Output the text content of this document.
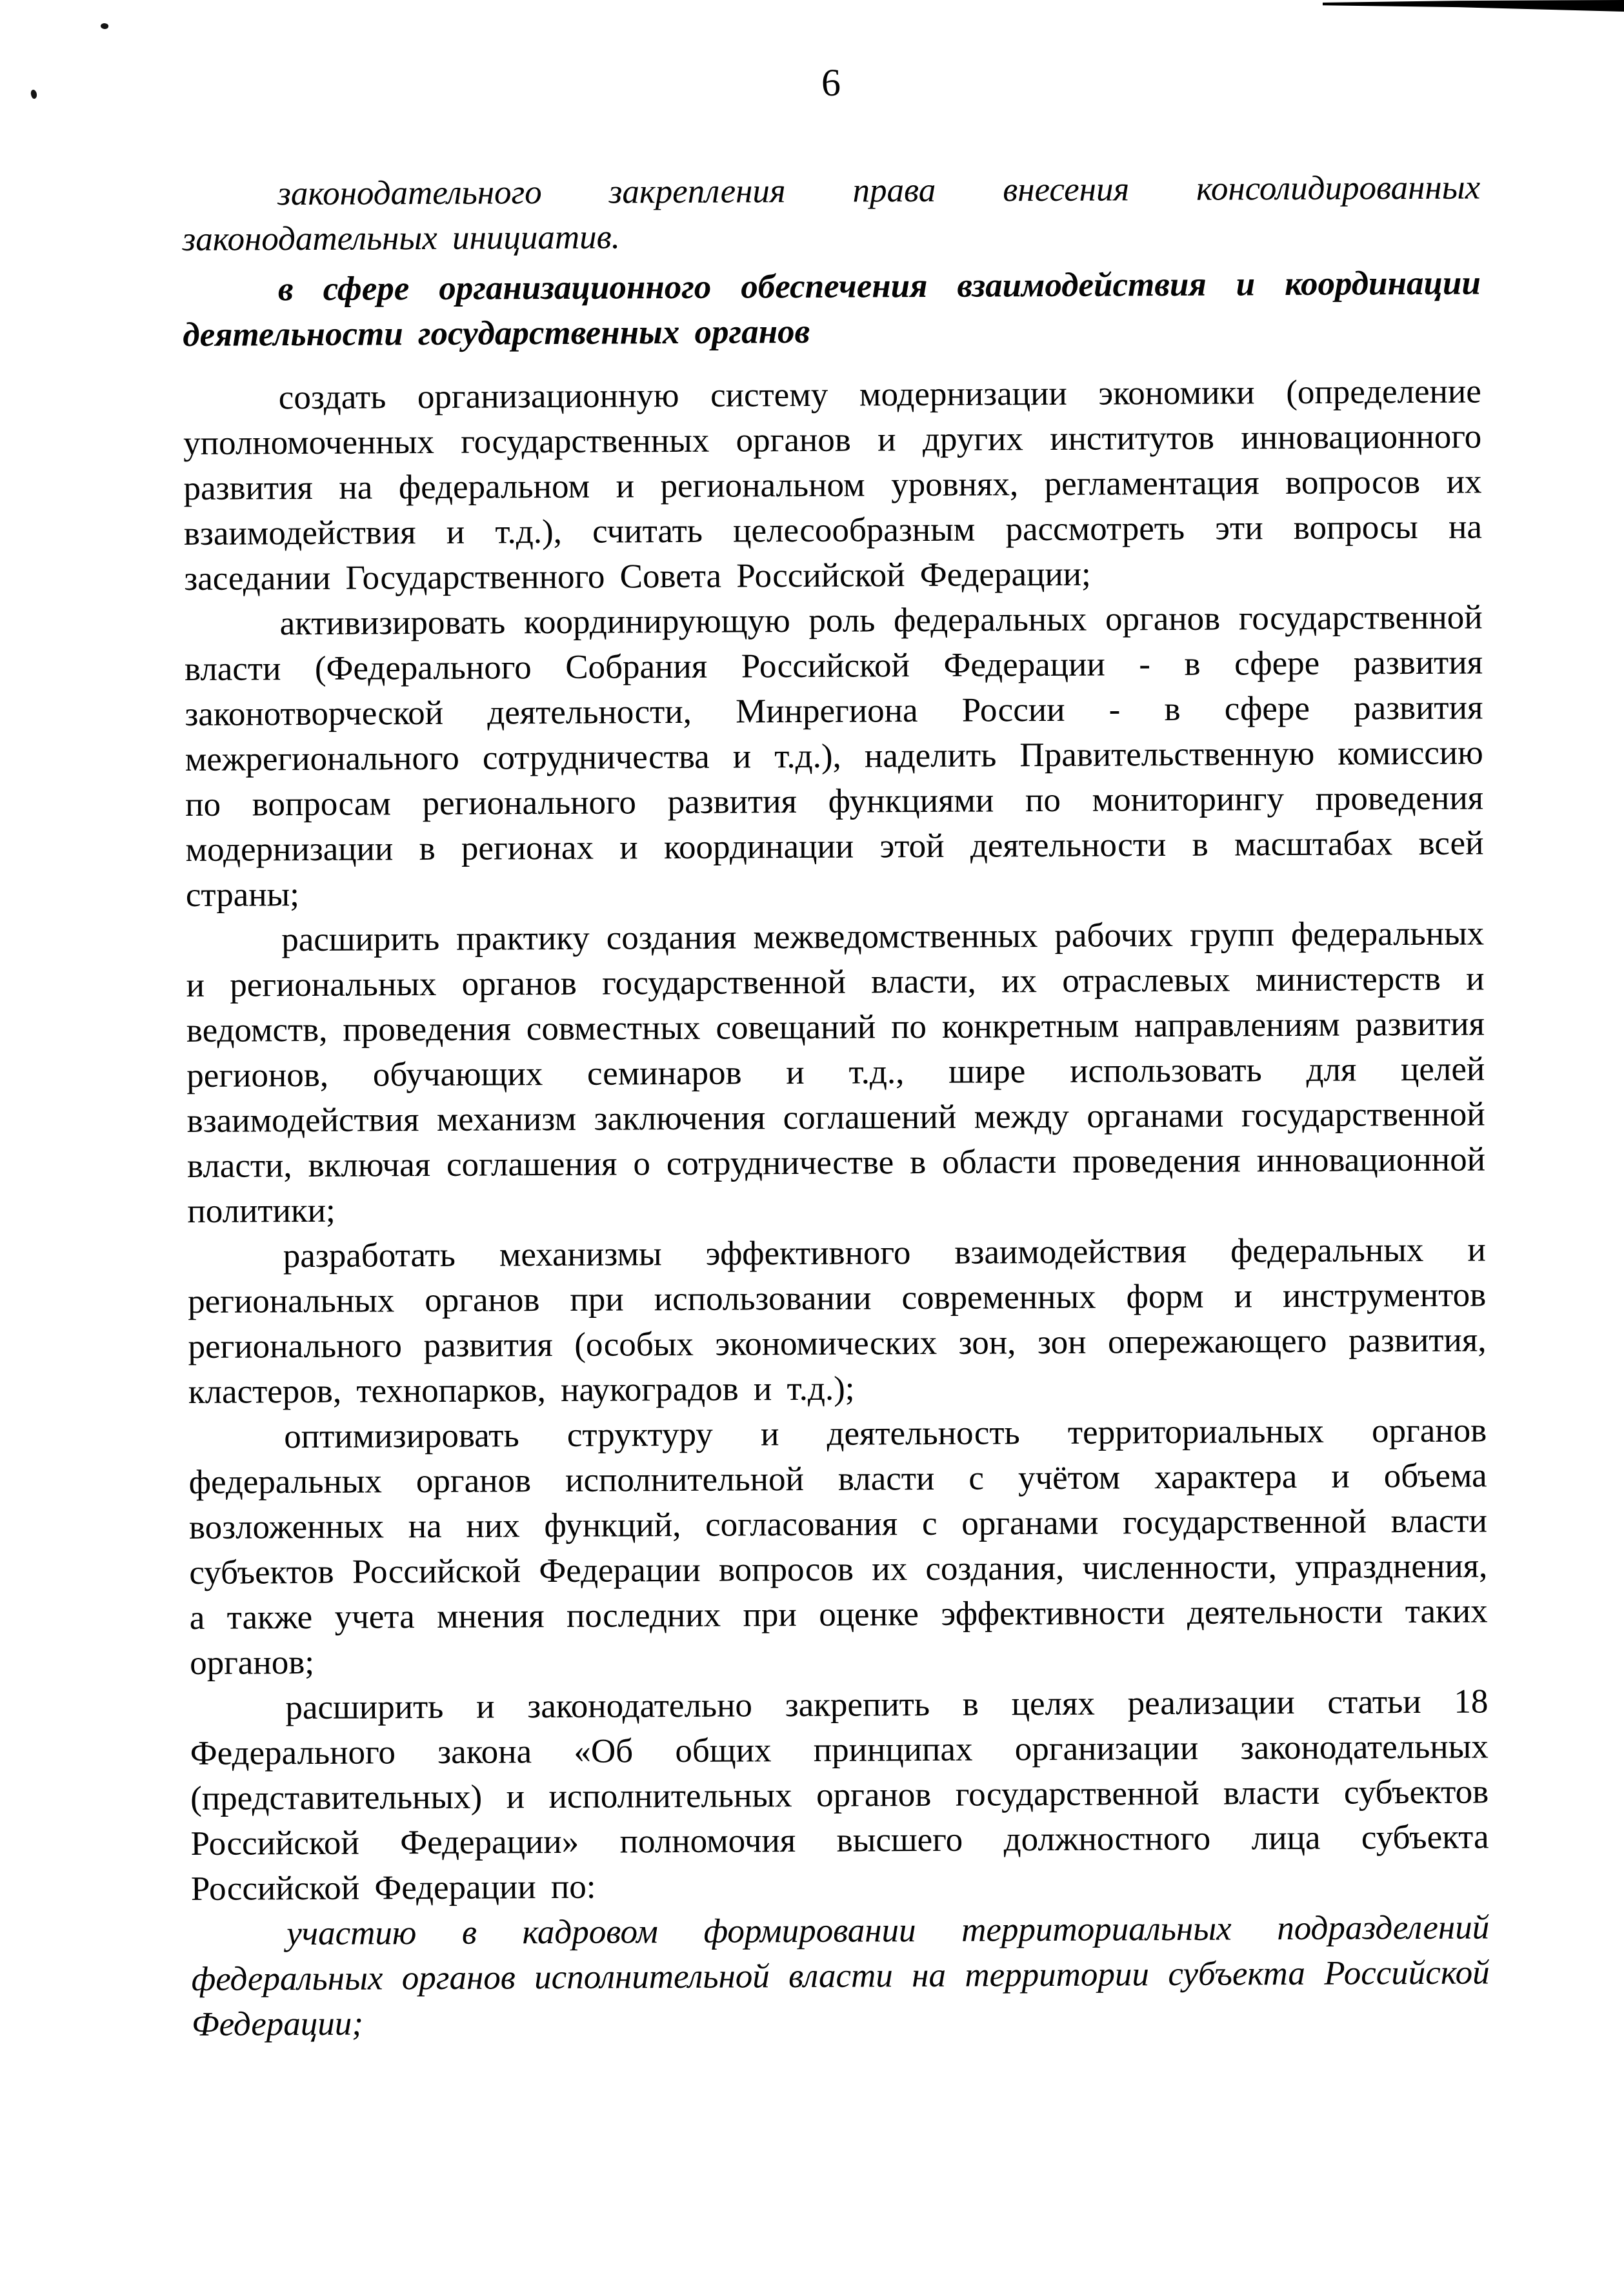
6

законодательного закрепления права внесения консолидированных законодательных инициатив.

в сфере организационного обеспечения взаимодействия и координации деятельности государственных органов

создать организационную систему модернизации экономики (определение уполномоченных государственных органов и других институтов инновационного развития на федеральном и региональном уровнях, регламентация вопросов их взаимодействия и т.д.), считать целесообразным рассмотреть эти вопросы на заседании Государственного Совета Российской Федерации;

активизировать координирующую роль федеральных органов государственной власти (Федерального Собрания Российской Федерации - в сфере развития законотворческой деятельности, Минрегиона России - в сфере развития межрегионального сотрудничества и т.д.), наделить Правительственную комиссию по вопросам регионального развития функциями по мониторингу проведения модернизации в регионах и координации этой деятельности в масштабах всей страны;

расширить практику создания межведомственных рабочих групп федеральных и региональных органов государственной власти, их отраслевых министерств и ведомств, проведения совместных совещаний по конкретным направлениям развития регионов, обучающих семинаров и т.д., шире использовать для целей взаимодействия механизм заключения соглашений между органами государственной власти, включая соглашения о сотрудничестве в области проведения инновационной политики;

разработать механизмы эффективного взаимодействия федеральных и региональных органов при использовании современных форм и инструментов регионального развития (особых экономических зон, зон опережающего развития, кластеров, технопарков, наукоградов и т.д.);

оптимизировать структуру и деятельность территориальных органов федеральных органов исполнительной власти с учётом характера и объема возложенных на них функций, согласования с органами государственной власти субъектов Российской Федерации вопросов их создания, численности, упразднения, а также учета мнения последних при оценке эффективности деятельности таких органов;

расширить и законодательно закрепить в целях реализации статьи 18 Федерального закона «Об общих принципах организации законодательных (представительных) и исполнительных органов государственной власти субъектов Российской Федерации» полномочия высшего должностного лица субъекта Российской Федерации по:

участию в кадровом формировании территориальных подразделений федеральных органов исполнительной власти на территории субъекта Российской Федерации;
